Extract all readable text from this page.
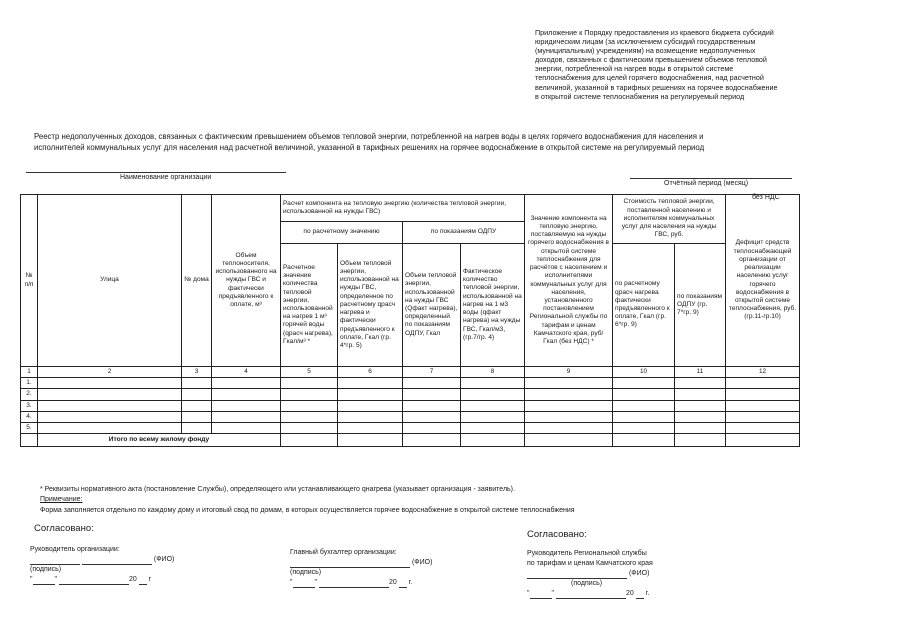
Приложение к Порядку предоставления из краевого бюджета субсидий
юридическим лицам (за исключением субсидий государственным
(муниципальным) учреждениям) на возмещение недополученных
доходов, связанных с фактическим превышением объемов тепловой
энергии, потребленной на нагрев воды в открытой системе
теплоснабжения для целей горячего водоснабжения, над расчетной
величиной, указанной в тарифных решениях на горячее водоснабжение
в открытой системе теплоснабжения на регулируемый период
Реестр недополученных доходов, связанных с фактическим превышением объемов тепловой энергии, потребленной на нагрев воды в целях горячего водоснабжения для населения и
исполнителей коммунальных услуг для населения над расчетной величиной, указанной в тарифных решениях на горячее водоснабжение в открытой системе на регулируемый период
Наименование организации
Отчётный период (месяц)
без НДС
№ п/п	Улица	№ дома	Объем теплоносителя, использованного на нужды ГВС и фактически предъявленного к оплате, м³	Расчет компонента на тепловую энергию (количества тепловой энергии, использованной на нужды ГВС)				Значение компонента на тепловую энергию, поставляемую на нужды горячего водоснабжения в открытой системе теплоснабжения для расчётов с населением и исполнителями коммунальных услуг для населения, установленного постановлением Региональной службы по тарифам и ценам Камчатского края, руб/Гкал (без НДС) *	Стоимость тепловой энергии, поставленной населению и исполнителям коммунальных услуг для населения на нужды ГВС, руб.		Дефицит средств теплоснабжающей организации от реализации населению услуг горячего водоснабжения в открытой системе теплоснабжения, руб. (гр.11-гр.10)
				по расчетному значению		по показаниям ОДПУ					
				Расчетное значение количества тепловой энергии, использованной на нагрев 1 м³ горячей воды (qрасч нагрева), Гкал/м³ *	Объем тепловой энергии, использованной на нужды ГВС, определенное по расчетному qрасч нагрева и фактически предъявленного к оплате, Гкал (гр. 4*гр. 5)	Объем тепловой энергии, использованной на нужды ГВС (Qфакт нагрева), определенный по показаниям ОДПУ, Гкал	Фактическое количество тепловой энергии, использованной на нагрев на 1 м3 воды (qфакт нагрева) на нужды ГВС, Гкал/м3, (гр.7/гр. 4)		по расчетному qрасч нагрева фактически предъявленного к оплате, Гкал (гр. 6*гр. 9)	по показаниям ОДПУ (гр. 7*гр. 9)	

1	2	3	4	5	6	7	8	9	10	11	12
1.											
2.											
3.											
4.											
5.											
	Итого по всему жилому фонду										
* Реквизиты нормативного акта (постановление Службы), определяющего или устанавливающего qнагрева (указывает организация - заявитель).
Примечание:
Форма заполняется отдельно по каждому дому и итоговый свод по домам, в которых осуществляется горячее водоснабжение в открытой системе теплоснабжения
Согласовано:
Согласовано:
Руководитель организации:
(ФИО)
(подпись)
"	"	20  г
Главный бухгалтер организации:
(ФИО)
(подпись)
"	"	20 г.
Руководитель Региональной службы
по тарифам и ценам Камчатского края
(ФИО)
(подпись)
"	"	20 г.
